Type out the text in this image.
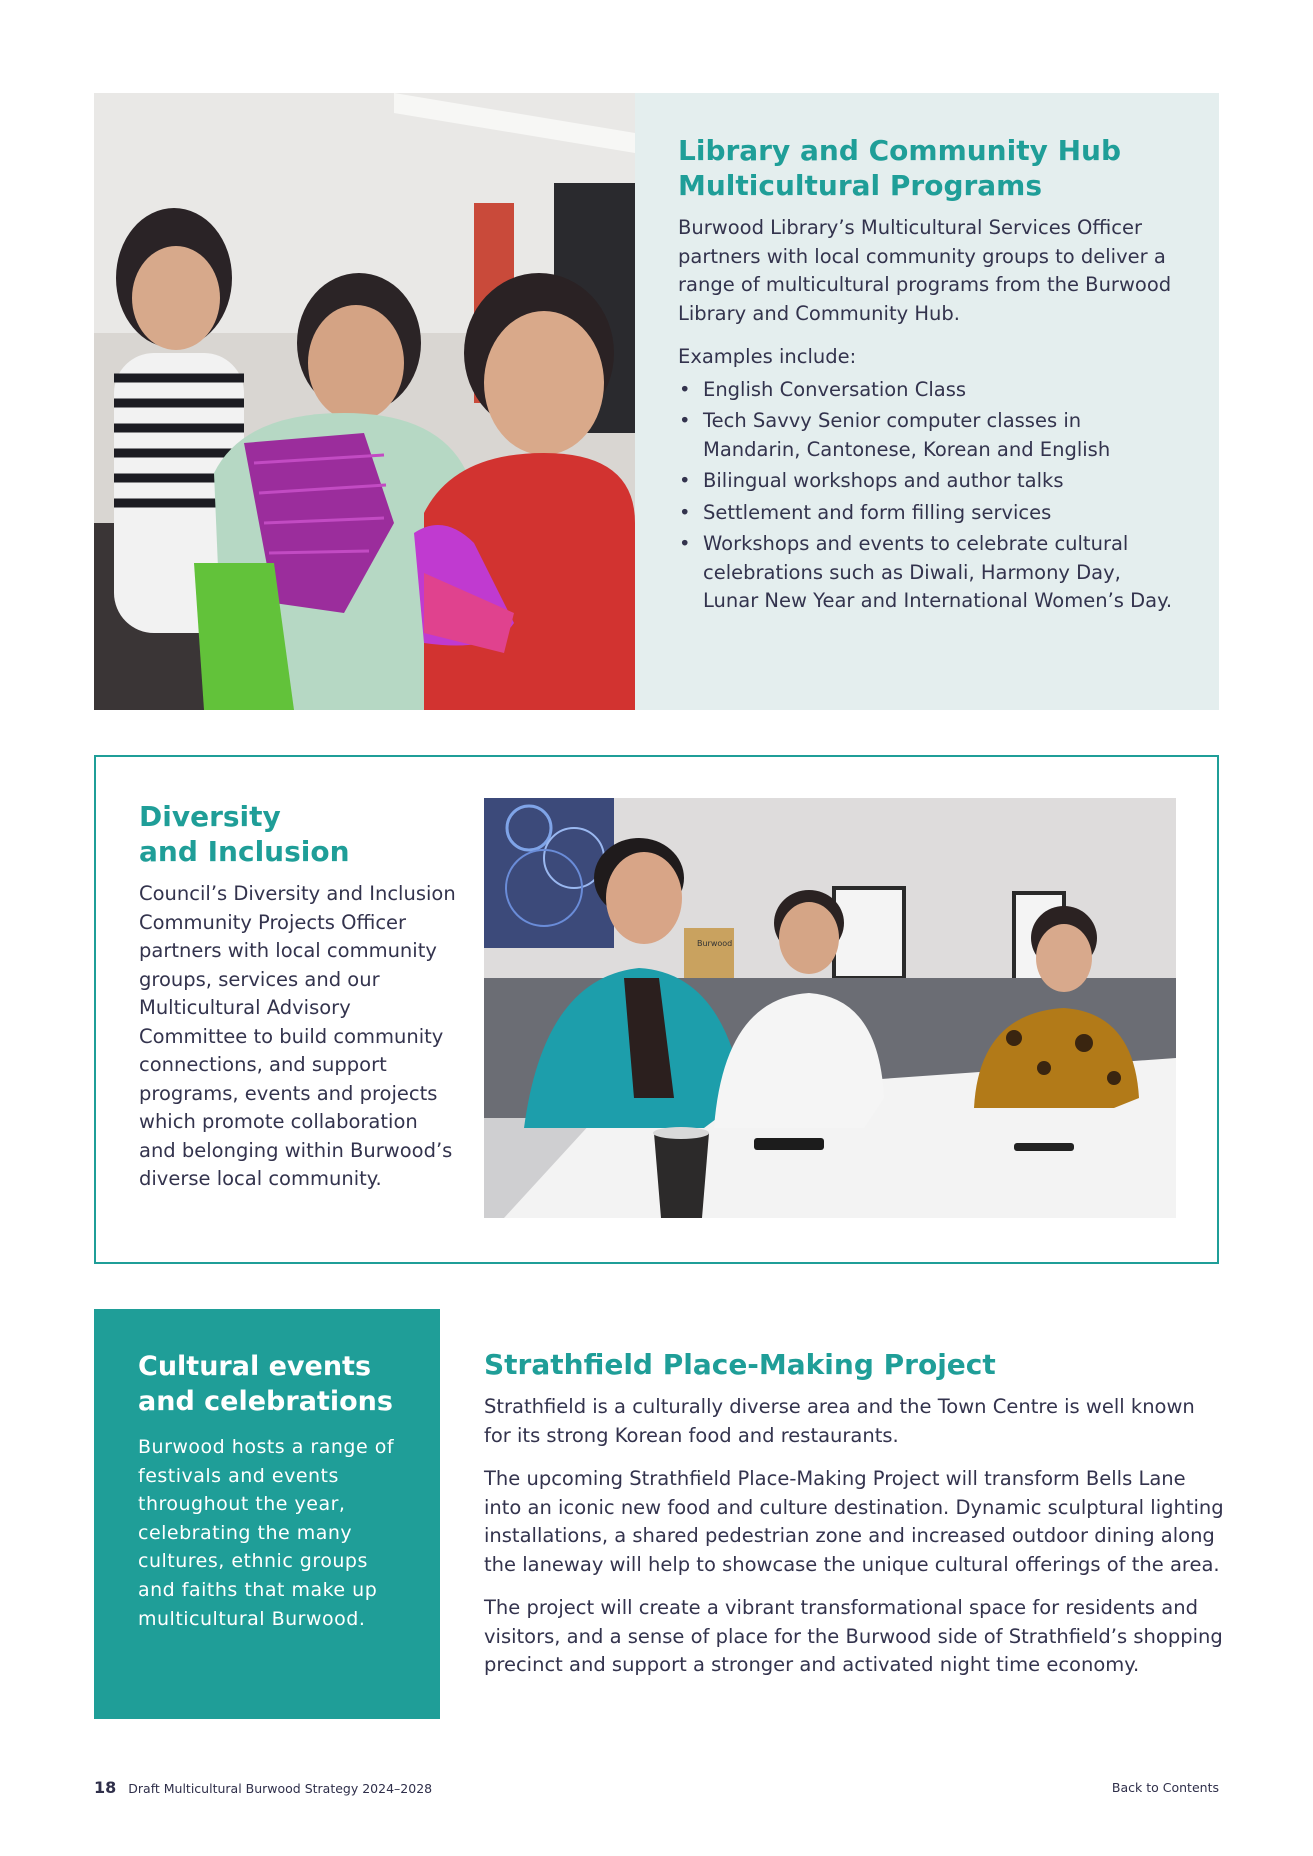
Library and Community Hub Multicultural Programs

Burwood Library’s Multicultural Services Officer partners with local community groups to deliver a range of multicultural programs from the Burwood Library and Community Hub.

Examples include:

• English Conversation Class
• Tech Savvy Senior computer classes in Mandarin, Cantonese, Korean and English
• Bilingual workshops and author talks
• Settlement and form filling services
• Workshops and events to celebrate cultural celebrations such as Diwali, Harmony Day, Lunar New Year and International Women’s Day.
Diversity
and Inclusion

Council’s Diversity and Inclusion Community Projects Officer partners with local community groups, services and our Multicultural Advisory Committee to build community connections, and support programs, events and projects which promote collaboration and belonging within Burwood’s diverse local community.

Burwood
Cultural events
and celebrations

Burwood hosts a range of festivals and events throughout the year, celebrating the many cultures, ethnic groups and faiths that make up multicultural Burwood.

Strathfield Place-Making Project

Strathfield is a culturally diverse area and the Town Centre is well known for its strong Korean food and restaurants.

The upcoming Strathfield Place-Making Project will transform Bells Lane into an iconic new food and culture destination. Dynamic sculptural lighting installations, a shared pedestrian zone and increased outdoor dining along the laneway will help to showcase the unique cultural offerings of the area.

The project will create a vibrant transformational space for residents and visitors, and a sense of place for the Burwood side of Strathfield’s shopping precinct and support a stronger and activated night time economy.

18 Draft Multicultural Burwood Strategy 2024–2028	Back to Contents
